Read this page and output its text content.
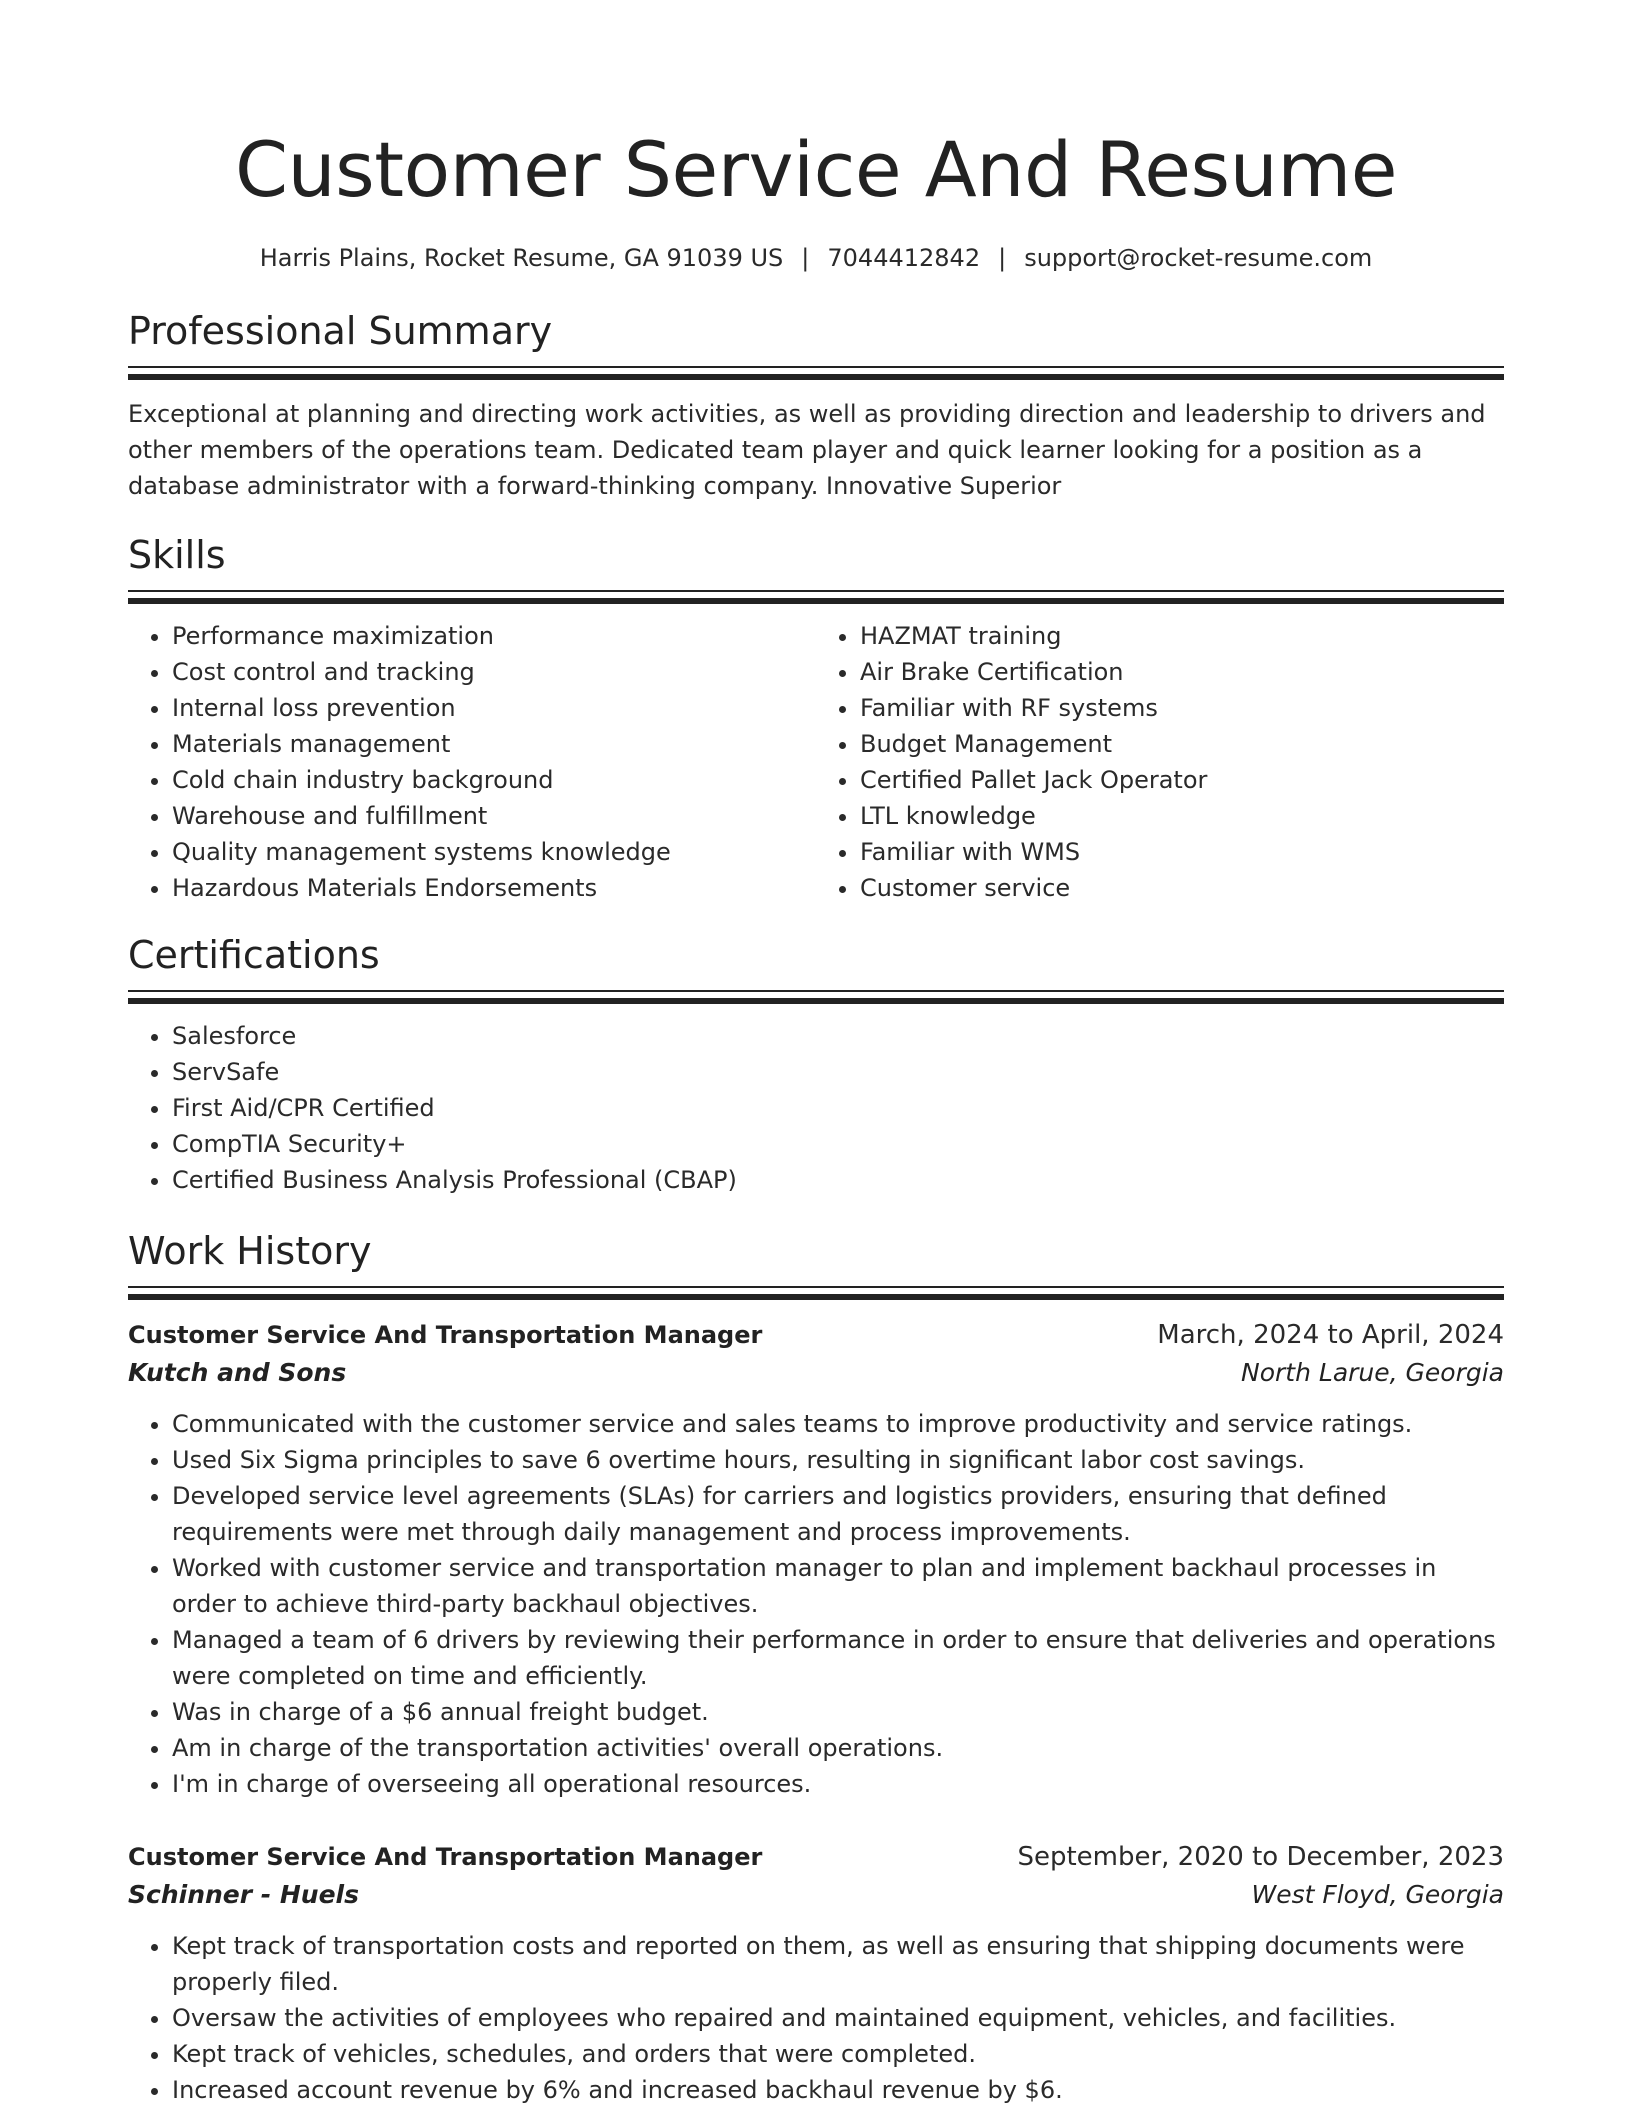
Customer Service And Resume
Harris Plains, Rocket Resume, GA 91039 US | 7044412842 | support@rocket-resume.com
Professional Summary
Exceptional at planning and directing work activities, as well as providing direction and leadership to drivers and other members of the operations team. Dedicated team player and quick learner looking for a position as a database administrator with a forward-thinking company. Innovative Superior
Skills
• Performance maximization
• Cost control and tracking
• Internal loss prevention
• Materials management
• Cold chain industry background
• Warehouse and fulfillment
• Quality management systems knowledge
• Hazardous Materials Endorsements
• HAZMAT training
• Air Brake Certification
• Familiar with RF systems
• Budget Management
• Certified Pallet Jack Operator
• LTL knowledge
• Familiar with WMS
• Customer service
Certifications
• Salesforce
• ServSafe
• First Aid/CPR Certified
• CompTIA Security+
• Certified Business Analysis Professional (CBAP)
Work History
Customer Service And Transportation Manager	March, 2024 to April, 2024
Kutch and Sons	North Larue, Georgia
• Communicated with the customer service and sales teams to improve productivity and service ratings.
• Used Six Sigma principles to save 6 overtime hours, resulting in significant labor cost savings.
• Developed service level agreements (SLAs) for carriers and logistics providers, ensuring that defined requirements were met through daily management and process improvements.
• Worked with customer service and transportation manager to plan and implement backhaul processes in order to achieve third-party backhaul objectives.
• Managed a team of 6 drivers by reviewing their performance in order to ensure that deliveries and operations were completed on time and efficiently.
• Was in charge of a $6 annual freight budget.
• Am in charge of the transportation activities' overall operations.
• I'm in charge of overseeing all operational resources.
Customer Service And Transportation Manager	September, 2020 to December, 2023
Schinner - Huels	West Floyd, Georgia
• Kept track of transportation costs and reported on them, as well as ensuring that shipping documents were properly filed.
• Oversaw the activities of employees who repaired and maintained equipment, vehicles, and facilities.
• Kept track of vehicles, schedules, and orders that were completed.
• Increased account revenue by 6% and increased backhaul revenue by $6.
